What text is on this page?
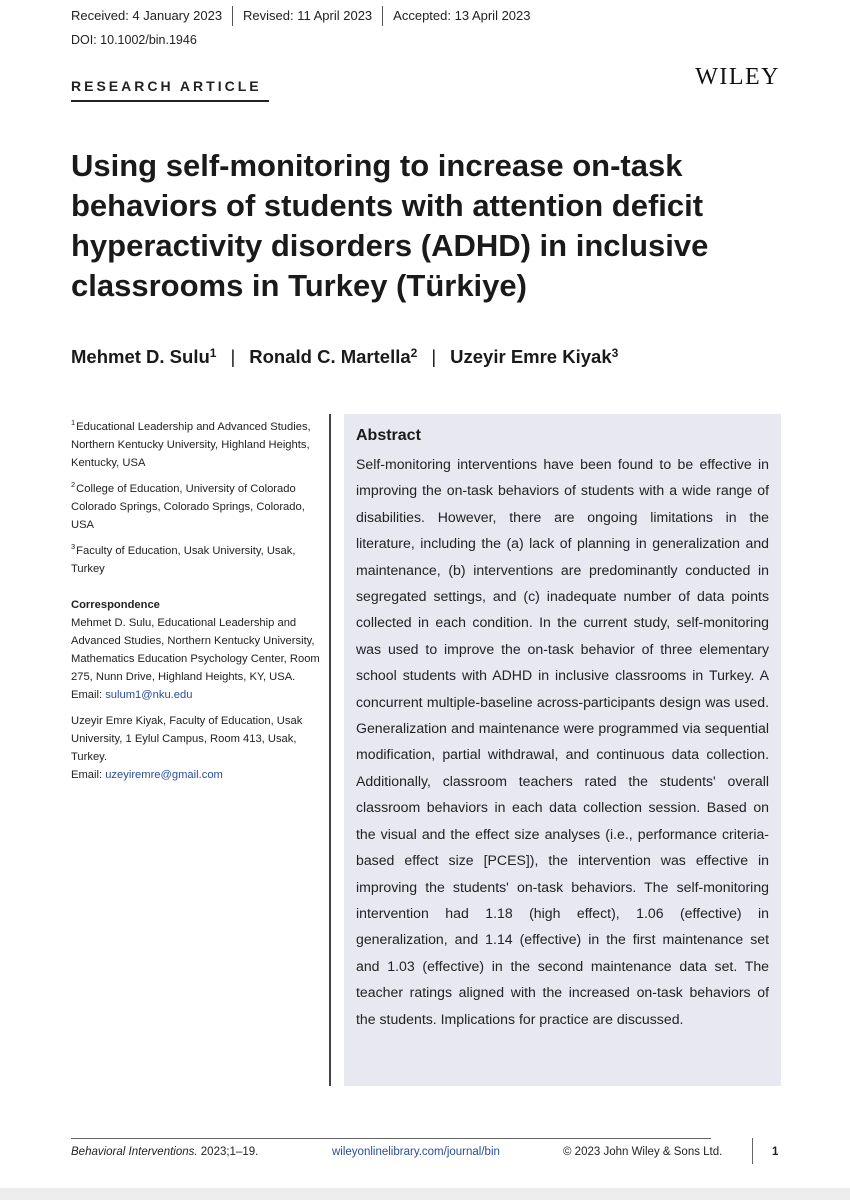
Received: 4 January 2023	Revised: 11 April 2023	Accepted: 13 April 2023
DOI: 10.1002/bin.1946
RESEARCH ARTICLE	WILEY
Using self-monitoring to increase on-task behaviors of students with attention deficit hyperactivity disorders (ADHD) in inclusive classrooms in Turkey (Türkiye)
Mehmet D. Sulu$^1$ | Ronald C. Martella$^2$ | Uzeyir Emre Kiyak$^3$
$^1$Educational Leadership and Advanced Studies, Northern Kentucky University, Highland Heights, Kentucky, USA
$^2$College of Education, University of Colorado Colorado Springs, Colorado Springs, Colorado, USA
$^3$Faculty of Education, Usak University, Usak, Turkey
Correspondence
Mehmet D. Sulu, Educational Leadership and Advanced Studies, Northern Kentucky University, Mathematics Education Psychology Center, Room 275, Nunn Drive, Highland Heights, KY, USA.
Email: sulum1@nku.edu
Uzeyir Emre Kiyak, Faculty of Education, Usak University, 1 Eylul Campus, Room 413, Usak, Turkey.
Email: uzeyiremre@gmail.com
Abstract

Self-monitoring interventions have been found to be effective in improving the on-task behaviors of students with a wide range of disabilities. However, there are ongoing limitations in the literature, including the (a) lack of planning in generalization and maintenance, (b) interventions are predominantly conducted in segregated settings, and (c) inadequate number of data points collected in each condition. In the current study, self-monitoring was used to improve the on-task behavior of three elementary school students with ADHD in inclusive classrooms in Turkey. A concurrent multiple-baseline across-participants design was used. Generalization and maintenance were programmed via sequential modification, partial withdrawal, and continuous data collection. Additionally, classroom teachers rated the students' overall classroom behaviors in each data collection session. Based on the visual and the effect size analyses (i.e., performance criteria-based effect size [PCES]), the intervention was effective in improving the students' on-task behaviors. The self-monitoring intervention had 1.18 (high effect), 1.06 (effective) in generalization, and 1.14 (effective) in the first maintenance set and 1.03 (effective) in the second maintenance data set. The teacher ratings aligned with the increased on-task behaviors of the students. Implications for practice are discussed.

Behavioral Interventions. 2023;1–19.	wileyonlinelibrary.com/journal/bin	© 2023 John Wiley & Sons Ltd.	1
